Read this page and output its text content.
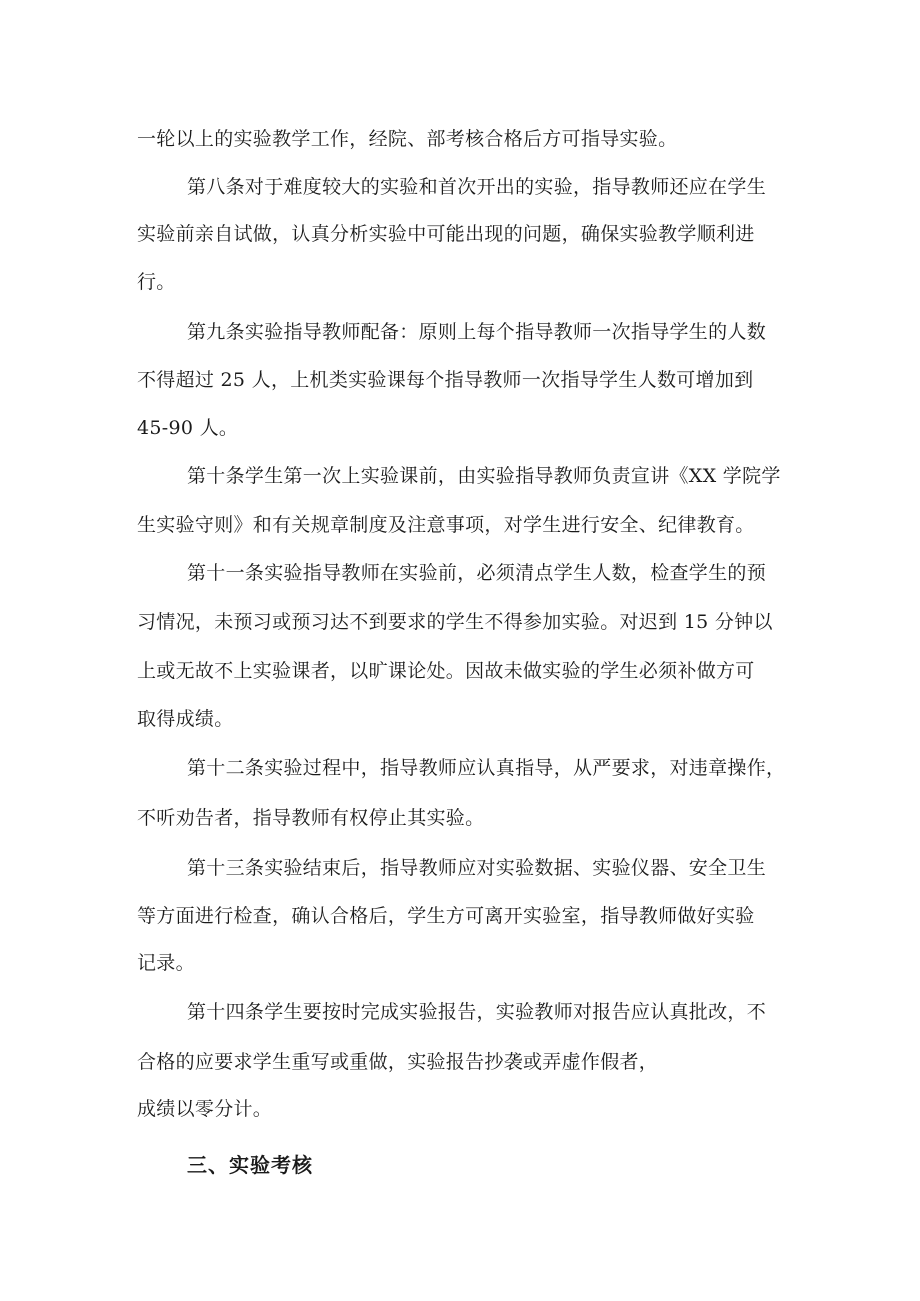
一轮以上的实验教学工作，经院、部考核合格后方可指导实验。
第八条对于难度较大的实验和首次开出的实验，指导教师还应在学生
实验前亲自试做，认真分析实验中可能出现的问题，确保实验教学顺利进
行。
第九条实验指导教师配备：原则上每个指导教师一次指导学生的人数
不得超过 25 人，上机类实验课每个指导教师一次指导学生人数可增加到
45-90 人。
第十条学生第一次上实验课前，由实验指导教师负责宣讲《XX 学院学
生实验守则》和有关规章制度及注意事项，对学生进行安全、纪律教育。
第十一条实验指导教师在实验前，必须清点学生人数，检查学生的预
习情况，未预习或预习达不到要求的学生不得参加实验。对迟到 15 分钟以
上或无故不上实验课者，以旷课论处。因故未做实验的学生必须补做方可
取得成绩。
第十二条实验过程中，指导教师应认真指导，从严要求，对违章操作，
不听劝告者，指导教师有权停止其实验。
第十三条实验结束后，指导教师应对实验数据、实验仪器、安全卫生
等方面进行检查，确认合格后，学生方可离开实验室，指导教师做好实验
记录。
第十四条学生要按时完成实验报告，实验教师对报告应认真批改，不
合格的应要求学生重写或重做，实验报告抄袭或弄虚作假者，
成绩以零分计。
三、实验考核
